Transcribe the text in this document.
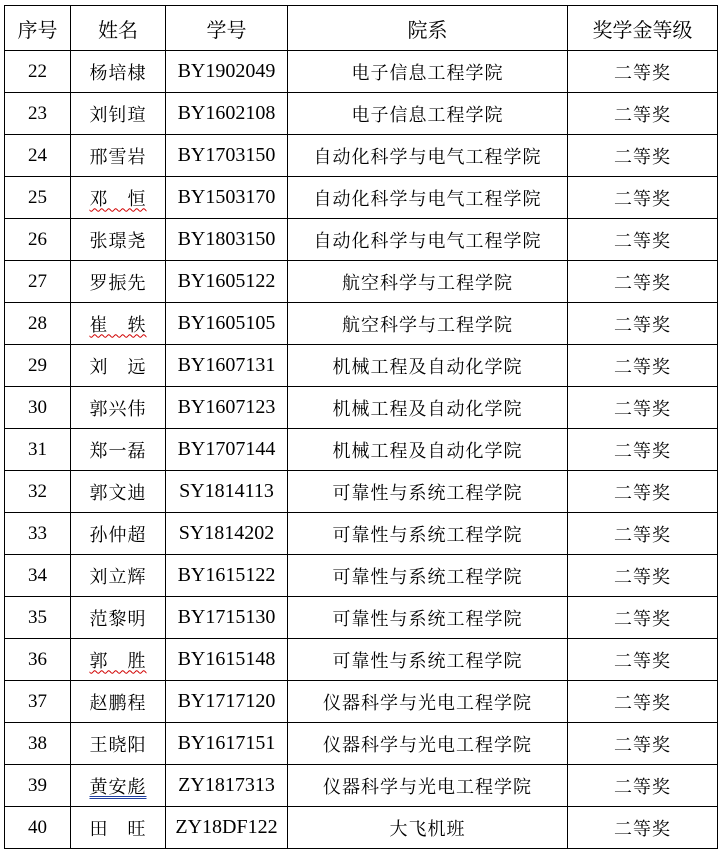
序号	姓名	学号	院系	奖学金等级
22	杨培棣	BY1902049	电子信息工程学院	二等奖
23	刘钊瑄	BY1602108	电子信息工程学院	二等奖
24	邢雪岩	BY1703150	自动化科学与电气工程学院	二等奖
25	邓　恒	BY1503170	自动化科学与电气工程学院	二等奖
26	张璟尧	BY1803150	自动化科学与电气工程学院	二等奖
27	罗振先	BY1605122	航空科学与工程学院	二等奖
28	崔　轶	BY1605105	航空科学与工程学院	二等奖
29	刘　远	BY1607131	机械工程及自动化学院	二等奖
30	郭兴伟	BY1607123	机械工程及自动化学院	二等奖
31	郑一磊	BY1707144	机械工程及自动化学院	二等奖
32	郭文迪	SY1814113	可靠性与系统工程学院	二等奖
33	孙仲超	SY1814202	可靠性与系统工程学院	二等奖
34	刘立辉	BY1615122	可靠性与系统工程学院	二等奖
35	范黎明	BY1715130	可靠性与系统工程学院	二等奖
36	郭　胜	BY1615148	可靠性与系统工程学院	二等奖
37	赵鹏程	BY1717120	仪器科学与光电工程学院	二等奖
38	王晓阳	BY1617151	仪器科学与光电工程学院	二等奖
39	黄安彪	ZY1817313	仪器科学与光电工程学院	二等奖
40	田　旺	ZY18DF122	大飞机班	二等奖
